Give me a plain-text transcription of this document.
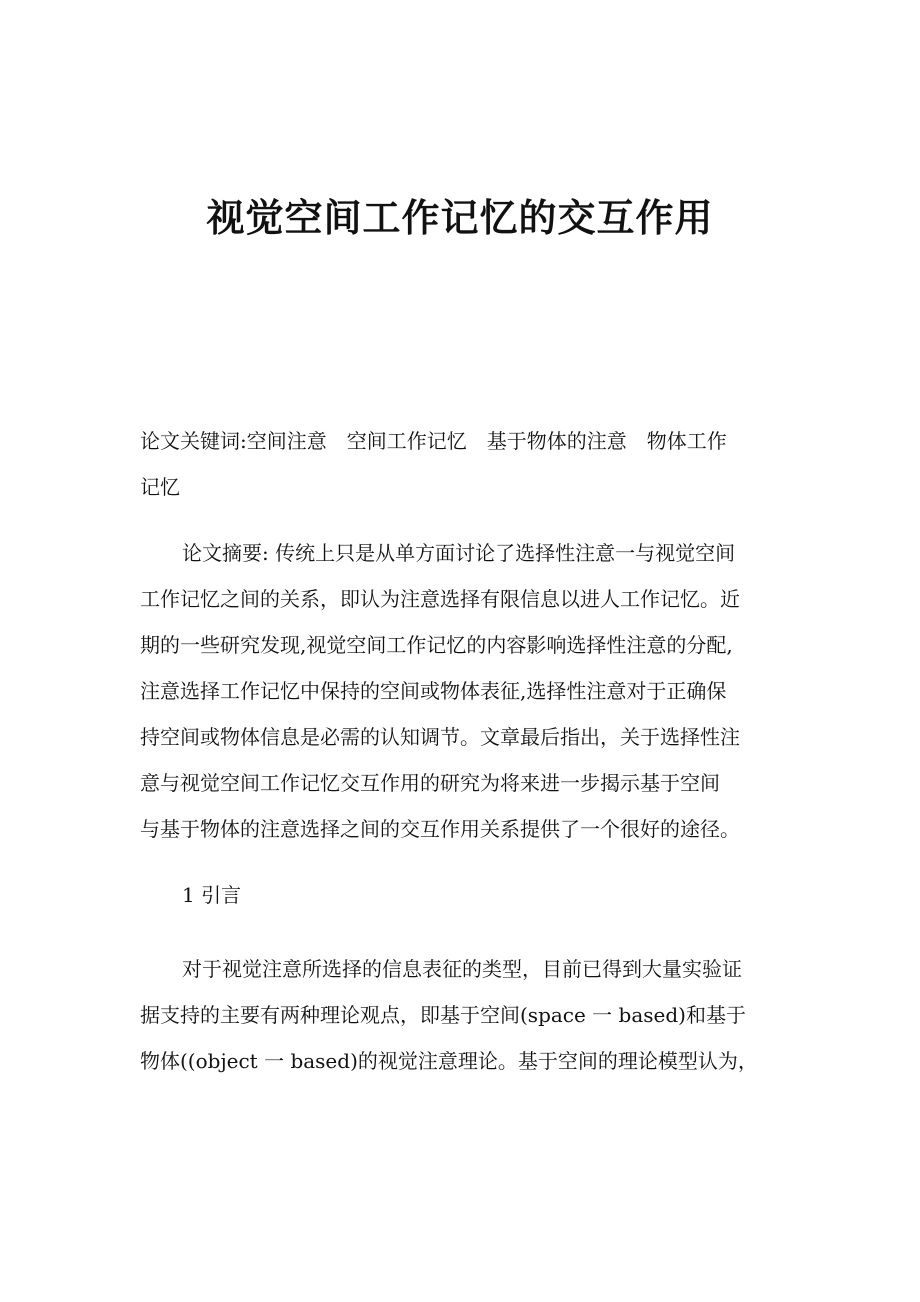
视觉空间工作记忆的交互作用
论文关键词:空间注意　空间工作记忆　基于物体的注意　物体工作
记忆
论文摘要: 传统上只是从单方面讨论了选择性注意一与视觉空间
工作记忆之间的关系，即认为注意选择有限信息以进人工作记忆。近
期的一些研究发现,视觉空间工作记忆的内容影响选择性注意的分配,
注意选择工作记忆中保持的空间或物体表征,选择性注意对于正确保
持空间或物体信息是必需的认知调节。文章最后指出，关于选择性注
意与视觉空间工作记忆交互作用的研究为将来进一步揭示基于空间
与基于物体的注意选择之间的交互作用关系提供了一个很好的途径。
1 引言
对于视觉注意所选择的信息表征的类型，目前已得到大量实验证
据支持的主要有两种理论观点，即基于空间(space 一 based)和基于
物体((object 一 based)的视觉注意理论。基于空间的理论模型认为，
